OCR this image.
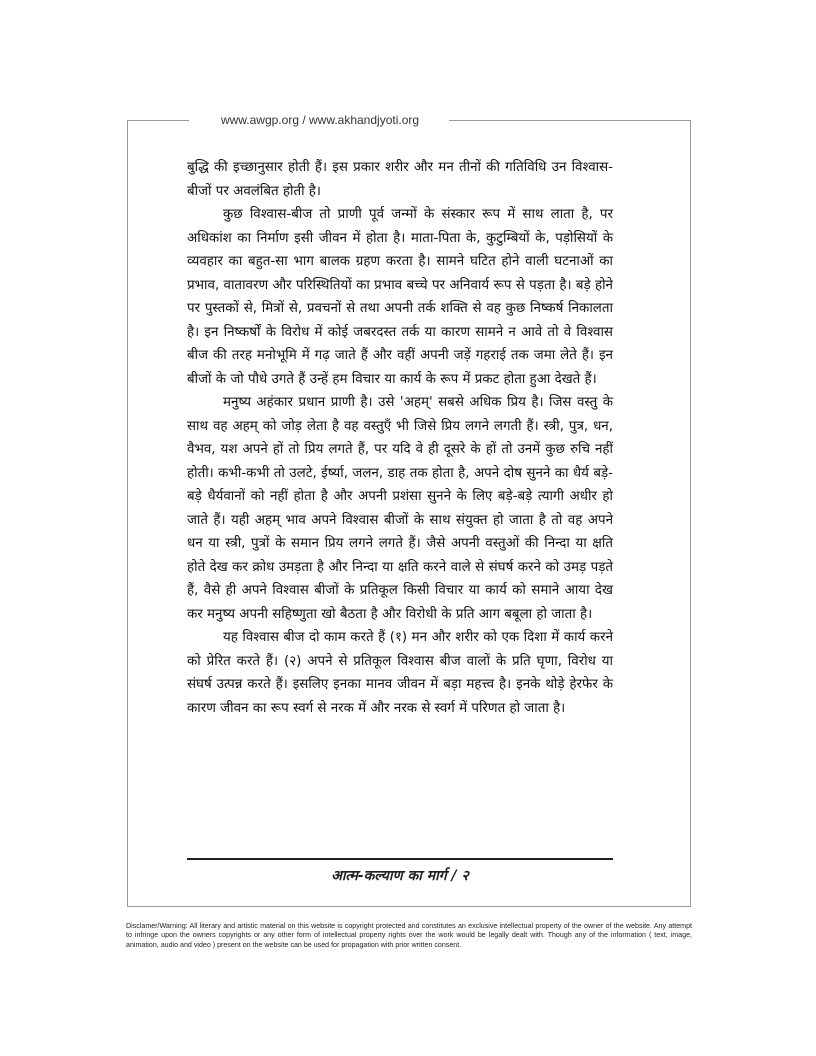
www.awgp.org / www.akhandjyoti.org

बुद्धि की इच्छानुसार होती हैं। इस प्रकार शरीर और मन तीनों की गतिविधि उन विश्वास-बीजों पर अवलंबित होती है।

कुछ विश्वास-बीज तो प्राणी पूर्व जन्मों के संस्कार रूप में साथ लाता है, पर अधिकांश का निर्माण इसी जीवन में होता है। माता-पिता के, कुटुम्बियों के, पड़ोसियों के व्यवहार का बहुत-सा भाग बालक ग्रहण करता है। सामने घटित होने वाली घटनाओं का प्रभाव, वातावरण और परिस्थितियों का प्रभाव बच्चे पर अनिवार्य रूप से पड़ता है। बड़े होने पर पुस्तकों से, मित्रों से, प्रवचनों से तथा अपनी तर्क शक्ति से वह कुछ निष्कर्ष निकालता है। इन निष्कर्षों के विरोध में कोई जबरदस्त तर्क या कारण सामने न आवे तो वे विश्वास बीज की तरह मनोभूमि में गढ़ जाते हैं और वहीं अपनी जड़ें गहराई तक जमा लेते हैं। इन बीजों के जो पौधे उगते हैं उन्हें हम विचार या कार्य के रूप में प्रकट होता हुआ देखते हैं।

मनुष्य अहंकार प्रधान प्राणी है। उसे 'अहम्' सबसे अधिक प्रिय है। जिस वस्तु के साथ वह अहम् को जोड़ लेता है वह वस्तुएँ भी जिसे प्रिय लगने लगती हैं। स्त्री, पुत्र, धन, वैभव, यश अपने हों तो प्रिय लगते हैं, पर यदि वे ही दूसरे के हों तो उनमें कुछ रुचि नहीं होती। कभी-कभी तो उलटे, ईर्ष्या, जलन, डाह तक होता है, अपने दोष सुनने का धैर्य बड़े-बड़े धैर्यवानों को नहीं होता है और अपनी प्रशंसा सुनने के लिए बड़े-बड़े त्यागी अधीर हो जाते हैं। यही अहम् भाव अपने विश्वास बीजों के साथ संयुक्त हो जाता है तो वह अपने धन या स्त्री, पुत्रों के समान प्रिय लगने लगते हैं। जैसे अपनी वस्तुओं की निन्दा या क्षति होते देख कर क्रोध उमड़ता है और निन्दा या क्षति करने वाले से संघर्ष करने को उमड़ पड़ते हैं, वैसे ही अपने विश्वास बीजों के प्रतिकूल किसी विचार या कार्य को समाने आया देख कर मनुष्य अपनी सहिष्णुता खो बैठता है और विरोधी के प्रति आग बबूला हो जाता है।

यह विश्वास बीज दो काम करते हैं (१) मन और शरीर को एक दिशा में कार्य करने को प्रेरित करते हैं। (२) अपने से प्रतिकूल विश्वास बीज वालों के प्रति घृणा, विरोध या संघर्ष उत्पन्न करते हैं। इसलिए इनका मानव जीवन में बड़ा महत्त्व है। इनके थोड़े हेरफेर के कारण जीवन का रूप स्वर्ग से नरक में और नरक से स्वर्ग में परिणत हो जाता है।

आत्म-कल्याण का मार्ग / २
Disclamer/Warning: All literary and artistic material on this website is copyright protected and constitutes an exclusive intellectual property of the owner of the website. Any attempt to infringe upon the owners copyrights or any other form of intellectual property rights over the work would be legally dealt with. Though any of the information ( text, image, animation, audio and video ) present on the website can be used for propagation with prior written consent.
